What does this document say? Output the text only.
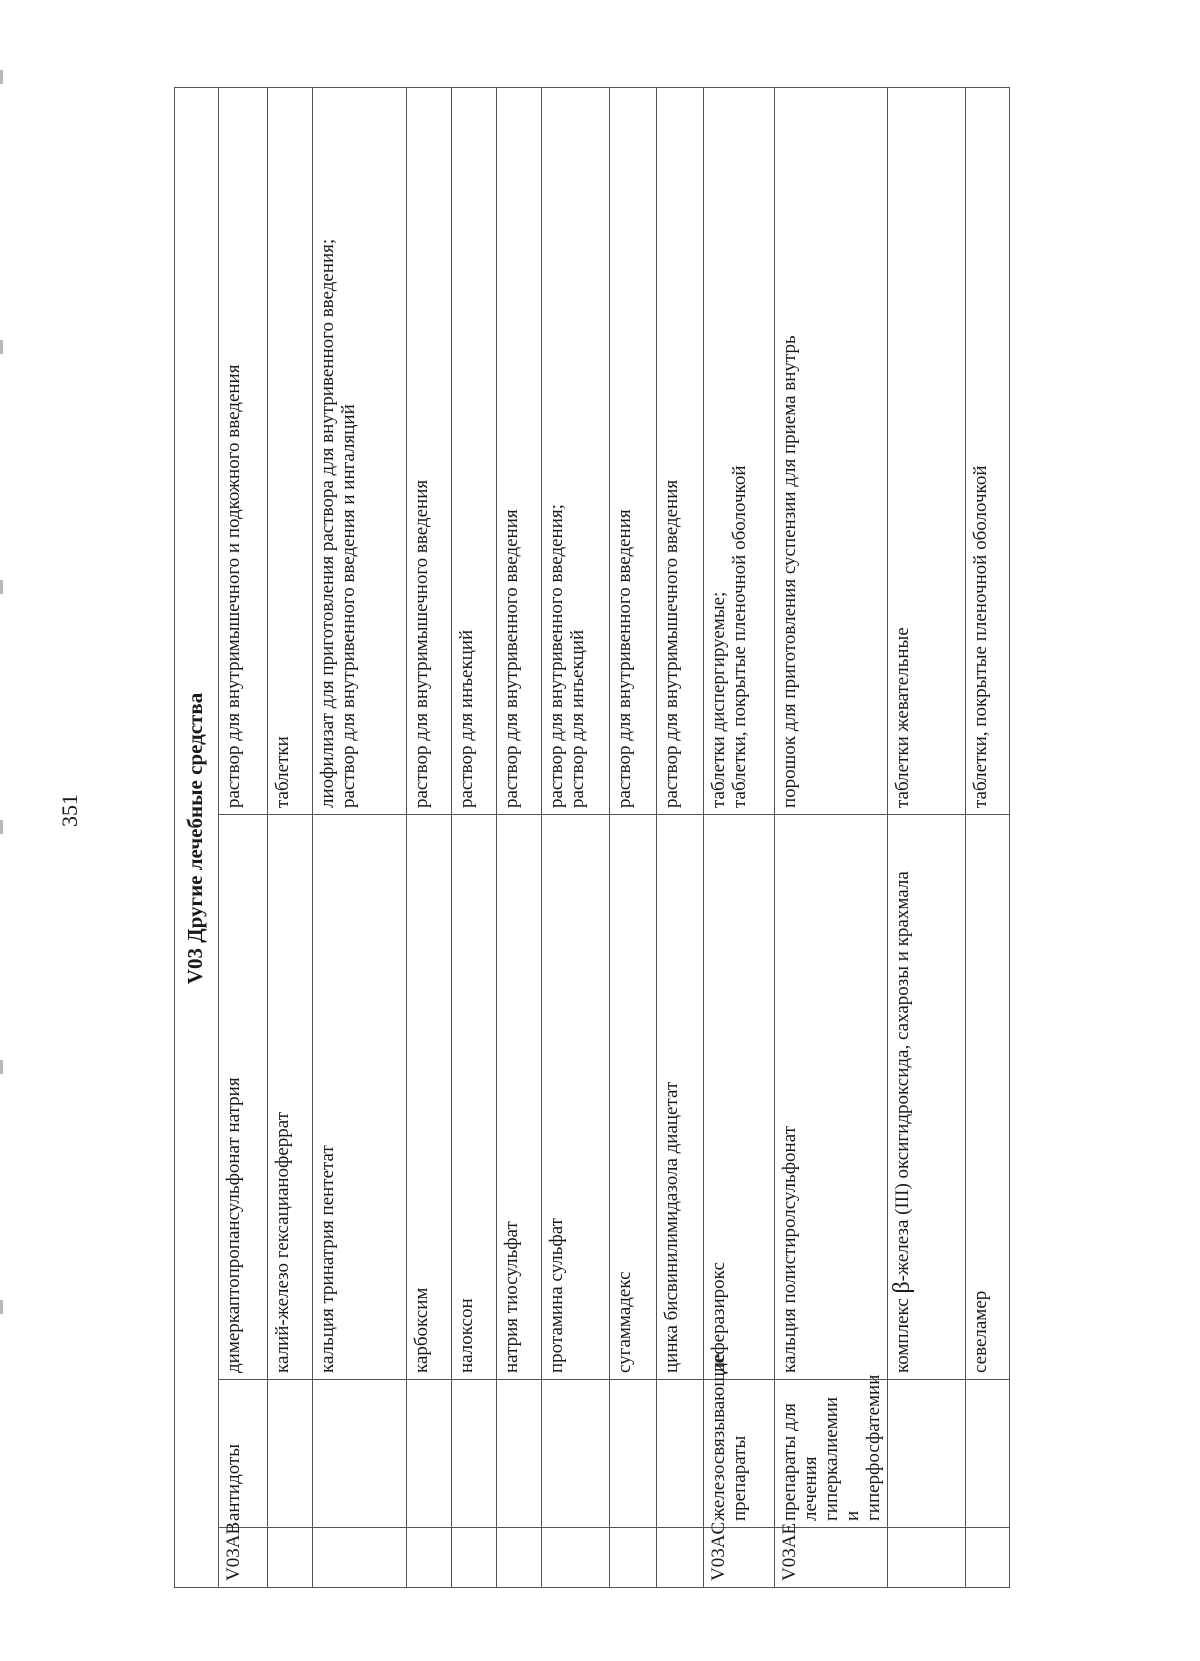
351	V03 Другие лечебные средства			
V03AB	антидоты	димеркаптопропансульфонат натрия	раствор для внутримышечного и подкожного введения
		калий-железо гексацианоферрат	таблетки
		кальция тринатрия пентетат	лиофилизат для приготовления раствора для внутривенного введения;
раствор для внутривенного введения и ингаляций
		карбоксим	раствор для внутримышечного введения
		налоксон	раствор для инъекций
		натрия тиосульфат	раствор для внутривенного введения
		протамина сульфат	раствор для внутривенного введения;
раствор для инъекций
		сугаммадекс	раствор для внутривенного введения
		цинка бисвинилимидазола диацетат	раствор для внутримышечного введения
V03AC	железосвязывающие препараты	деферазирокс	таблетки диспергируемые;
таблетки, покрытые пленочной оболочкой
V03AE	препараты для лечения гиперкалиемии и гиперфосфатемии	кальция полистиролсульфонат	порошок для приготовления суспензии для приема внутрь
		комплекс β-железа (III) оксигидроксида, сахарозы и крахмала	таблетки жевательные
		севеламер	таблетки, покрытые пленочной оболочкой
